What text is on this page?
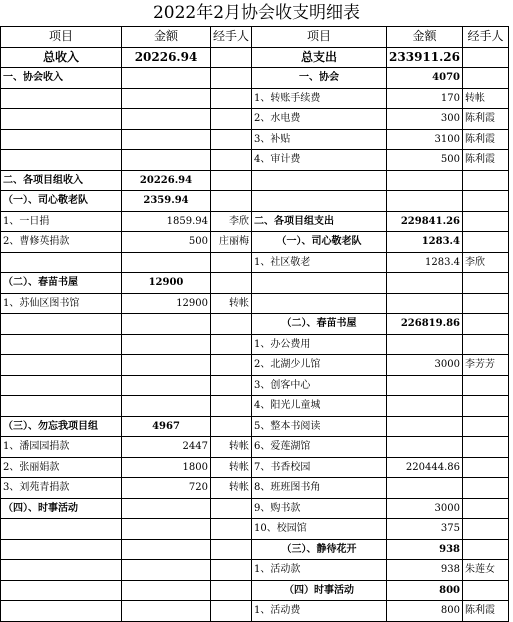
2022年2月协会收支明细表
项目	金额	经手人	项目	金额	经手人
总收入	20226.94		总支出	233911.26	
一、协会收入			一、协会	4070	
			1、转账手续费	170	转帐
			2、水电费	300	陈利霞
			3、补贴	3100	陈利霞
			4、审计费	500	陈利霞
二、各项目组收入	20226.94				
（一）、司心敬老队	2359.94				
1、一日捐	1859.94	李欣	二、各项目组支出	229841.26	
2、曹修英捐款	500	庄丽梅	（一）、司心敬老队	1283.4	
			1、社区敬老	1283.4	李欣
（二）、春苗书屋	12900				
1、苏仙区图书馆	12900	转帐			
			（二）、春苗书屋	226819.86	
			1、办公费用		
			2、北湖少儿馆	3000	李芳芳
			3、创客中心		
			4、阳光儿童城		
（三）、勿忘我项目组	4967		5、整本书阅读		
1、潘园园捐款	2447	转帐	6、爱莲湖馆		
2、张丽娟款	1800	转帐	7、书香校园	220444.86	
3、刘苑青捐款	720	转帐	8、班班图书角		
（四）、时事活动			9、购书款	3000	
			10、校园馆	375	
			（三）、静待花开	938	
			1、活动款	938	朱莲女
			（四）时事活动	800	
			1、活动费	800	陈利霞
